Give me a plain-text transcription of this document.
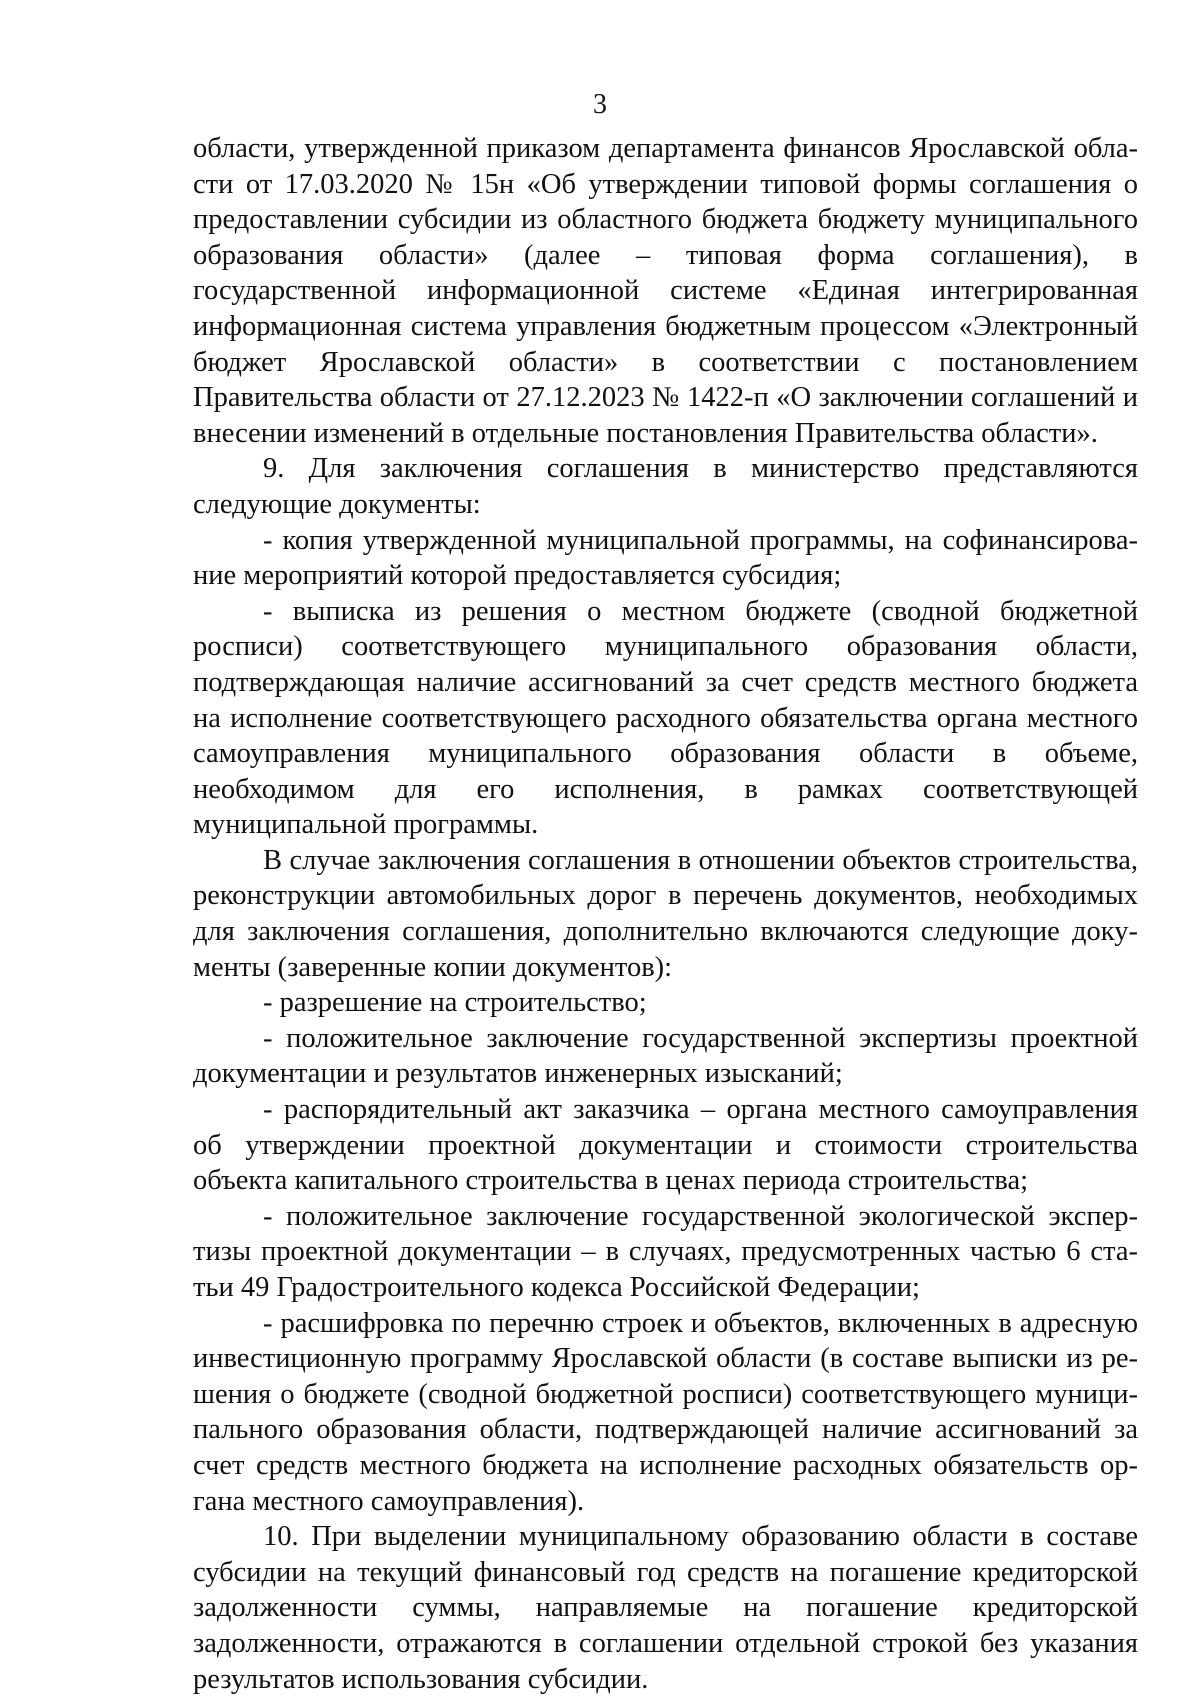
3

области, утвержденной приказом департамента финансов Ярославской области от 17.03.2020 № 15н «Об утверждении типовой формы соглашения о предоставлении субсидии из областного бюджета бюджету муниципального образования области» (далее – типовая форма соглашения), в государственной информационной системе «Единая интегрированная информационная система управления бюджетным процессом «Электронный бюджет Ярославской области» в соответствии с постановлением Правительства области от 27.12.2023 № 1422-п «О заключении соглашений и внесении изменений в отдельные постановления Правительства области».

9. Для заключения соглашения в министерство представляются следующие документы:

- копия утвержденной муниципальной программы, на софинансирование мероприятий которой предоставляется субсидия;

- выписка из решения о местном бюджете (сводной бюджетной росписи) соответствующего муниципального образования области, подтверждающая наличие ассигнований за счет средств местного бюджета на исполнение соответствующего расходного обязательства органа местного самоуправления муниципального образования области в объеме, необходимом для его исполнения, в рамках соответствующей муниципальной программы.

В случае заключения соглашения в отношении объектов строительства, реконструкции автомобильных дорог в перечень документов, необходимых для заключения соглашения, дополнительно включаются следующие документы (заверенные копии документов):

- разрешение на строительство;

- положительное заключение государственной экспертизы проектной документации и результатов инженерных изысканий;

- распорядительный акт заказчика – органа местного самоуправления об утверждении проектной документации и стоимости строительства объекта капитального строительства в ценах периода строительства;

- положительное заключение государственной экологической экспертизы проектной документации – в случаях, предусмотренных частью 6 статьи 49 Градостроительного кодекса Российской Федерации;

- расшифровка по перечню строек и объектов, включенных в адресную инвестиционную программу Ярославской области (в составе выписки из решения о бюджете (сводной бюджетной росписи) соответствующего муниципального образования области, подтверждающей наличие ассигнований за счет средств местного бюджета на исполнение расходных обязательств органа местного самоуправления).

10. При выделении муниципальному образованию области в составе субсидии на текущий финансовый год средств на погашение кредиторской задолженности суммы, направляемые на погашение кредиторской задолженности, отражаются в соглашении отдельной строкой без указания результатов использования субсидии.
